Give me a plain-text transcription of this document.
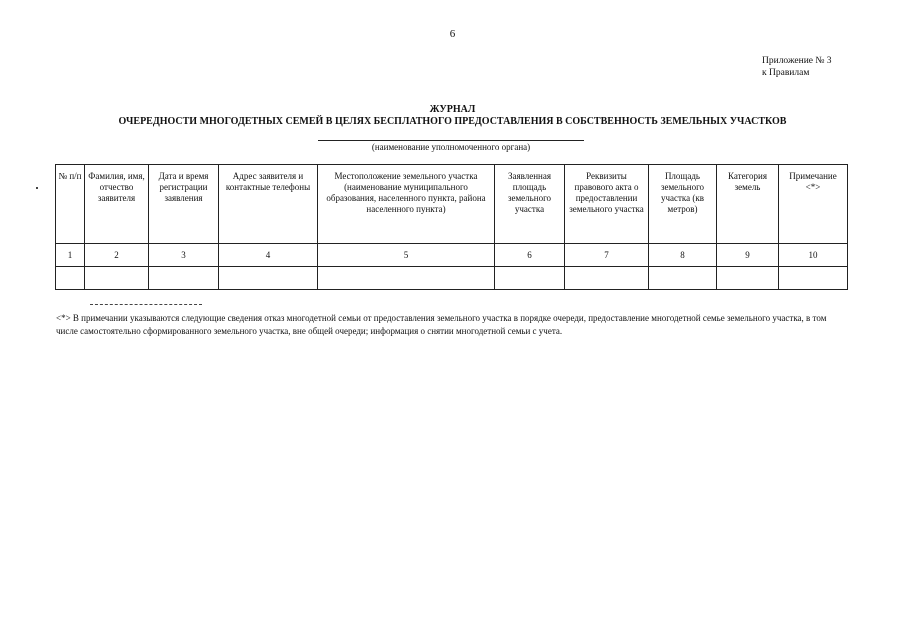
6
Приложение № 3
к Правилам
ЖУРНАЛ
ОЧЕРЕДНОСТИ МНОГОДЕТНЫХ СЕМЕЙ В ЦЕЛЯХ БЕСПЛАТНОГО ПРЕДОСТАВЛЕНИЯ В СОБСТВЕННОСТЬ ЗЕМЕЛЬНЫХ УЧАСТКОВ
(наименование уполномоченного органа)
№ п/п	Фамилия, имя, отчество заявителя	Дата и время регистрации заявления	Адрес заявителя и контактные телефоны	Местоположение земельного участка (наименование муниципального образования, населенного пункта, района населенного пункта)	Заявленная площадь земельного участка	Реквизиты правового акта о предоставлении земельного участка	Площадь земельного участка (кв метров)	Категория земель	Примечание <*>
1	2	3	4	5	6	7	8	9	10

<*> В примечании указываются следующие сведения отказ многодетной семьи от предоставления земельного участка в порядке очереди, предоставление многодетной семье земельного участка, в том числе самостоятельно сформированного земельного участка, вне общей очереди; информация о снятии многодетной семьи с учета.
